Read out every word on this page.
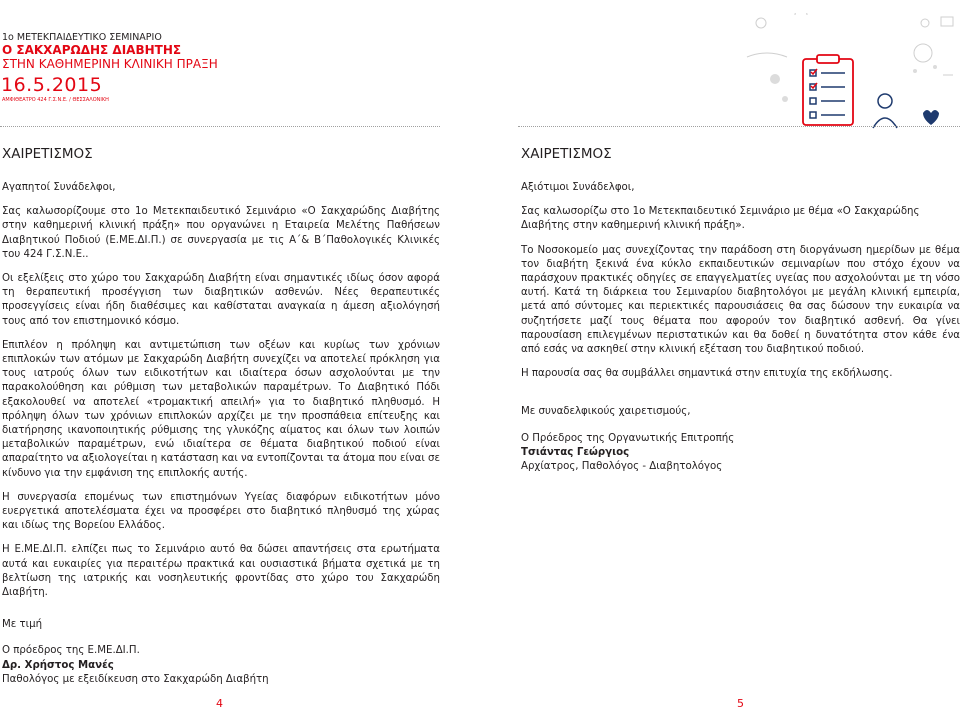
1ο ΜΕΤΕΚΠΑΙΔΕΥΤΙΚΟ ΣΕΜΙΝΑΡΙΟ
Ο ΣΑΚΧΑΡΩΔΗΣ ΔΙΑΒΗΤΗΣ
ΣΤΗΝ ΚΑΘΗΜΕΡΙΝΗ ΚΛΙΝΙΚΗ ΠΡΑΞΗ
16.5.2015
ΑΜΦΙΘΕΑΤΡΟ 424 Γ.Σ.Ν.Ε. / ΘΕΣΣΑΛΟΝΙΚΗ
ΧΑΙΡΕΤΙΣΜΟΣ

Αγαπητοί Συνάδελφοι,

Σας καλωσορίζουμε στο 1ο Μετεκπαιδευτικό Σεμινάριο «Ο Σακχαρώδης Διαβήτης στην καθημερινή κλινική πράξη» που οργανώνει η Εταιρεία Μελέτης Παθήσεων Διαβητικού Ποδιού (Ε.ΜΕ.ΔΙ.Π.) σε συνεργασία με τις Α΄& Β΄Παθολογικές Κλινικές του 424 Γ.Σ.Ν.Ε..

Οι εξελίξεις στο χώρο του Σακχαρώδη Διαβήτη είναι σημαντικές ιδίως όσον αφορά τη θεραπευτική προσέγγιση των διαβητικών ασθενών. Νέες θεραπευτικές προσεγγίσεις είναι ήδη διαθέσιμες και καθίσταται αναγκαία η άμεση αξιολόγησή τους από τον επιστημονικό κόσμο.

Επιπλέον η πρόληψη και αντιμετώπιση των οξέων και κυρίως των χρόνιων επιπλοκών των ατόμων με Σακχαρώδη Διαβήτη συνεχίζει να αποτελεί πρόκληση για τους ιατρούς όλων των ειδικοτήτων και ιδιαίτερα όσων ασχολούνται με την παρακολούθηση και ρύθμιση των μεταβολικών παραμέτρων. Το Διαβητικό Πόδι εξακολουθεί να αποτελεί «τρομακτική απειλή» για το διαβητικό πληθυσμό. Η πρόληψη όλων των χρόνιων επιπλοκών αρχίζει με την προσπάθεια επίτευξης και διατήρησης ικανοποιητικής ρύθμισης της γλυκόζης αίματος και όλων των λοιπών μεταβολικών παραμέτρων, ενώ ιδιαίτερα σε θέματα διαβητικού ποδιού είναι απαραίτητο να αξιολογείται η κατάσταση και να εντοπίζονται τα άτομα που είναι σε κίνδυνο για την εμφάνιση της επιπλοκής αυτής.

Η συνεργασία επομένως των επιστημόνων Υγείας διαφόρων ειδικοτήτων μόνο ευεργετικά αποτελέσματα έχει να προσφέρει στο διαβητικό πληθυσμό της χώρας και ιδίως της Βορείου Ελλάδος.

Η Ε.ΜΕ.ΔΙ.Π. ελπίζει πως το Σεμινάριο αυτό θα δώσει απαντήσεις στα ερωτήματα αυτά και ευκαιρίες για περαιτέρω πρακτικά και ουσιαστικά βήματα σχετικά με τη βελτίωση της ιατρικής και νοσηλευτικής φροντίδας στο χώρο του Σακχαρώδη Διαβήτη.

Με τιμή

Ο πρόεδρος της Ε.ΜΕ.ΔΙ.Π.
Δρ. Χρήστος Μανές
Παθολόγος με εξειδίκευση στο Σακχαρώδη Διαβήτη
ΧΑΙΡΕΤΙΣΜΟΣ

Αξιότιμοι Συνάδελφοι,

Σας καλωσορίζω στο 1ο Μετεκπαιδευτικό Σεμινάριο με θέμα «Ο Σακχαρώδης Διαβήτης στην καθημερινή κλινική πράξη».

Το Νοσοκομείο μας συνεχίζοντας την παράδοση στη διοργάνωση ημερίδων με θέμα τον διαβήτη ξεκινά ένα κύκλο εκπαιδευτικών σεμιναρίων που στόχο έχουν να παράσχουν πρακτικές οδηγίες σε επαγγελματίες υγείας που ασχολούνται με τη νόσο αυτή. Κατά τη διάρκεια του Σεμιναρίου διαβητολόγοι με μεγάλη κλινική εμπειρία, μετά από σύντομες και περιεκτικές παρουσιάσεις θα σας δώσουν την ευκαιρία να συζητήσετε μαζί τους θέματα που αφορούν τον διαβητικό ασθενή. Θα γίνει παρουσίαση επιλεγμένων περιστατικών και θα δοθεί η δυνατότητα στον κάθε ένα από εσάς να ασκηθεί στην κλινική εξέταση του διαβητικού ποδιού.

Η παρουσία σας θα συμβάλλει σημαντικά στην επιτυχία της εκδήλωσης.

Με συναδελφικούς χαιρετισμούς,

Ο Πρόεδρος της Οργανωτικής Επιτροπής
Τσιάντας Γεώργιος
Αρχίατρος, Παθολόγος - Διαβητολόγος
4	5
